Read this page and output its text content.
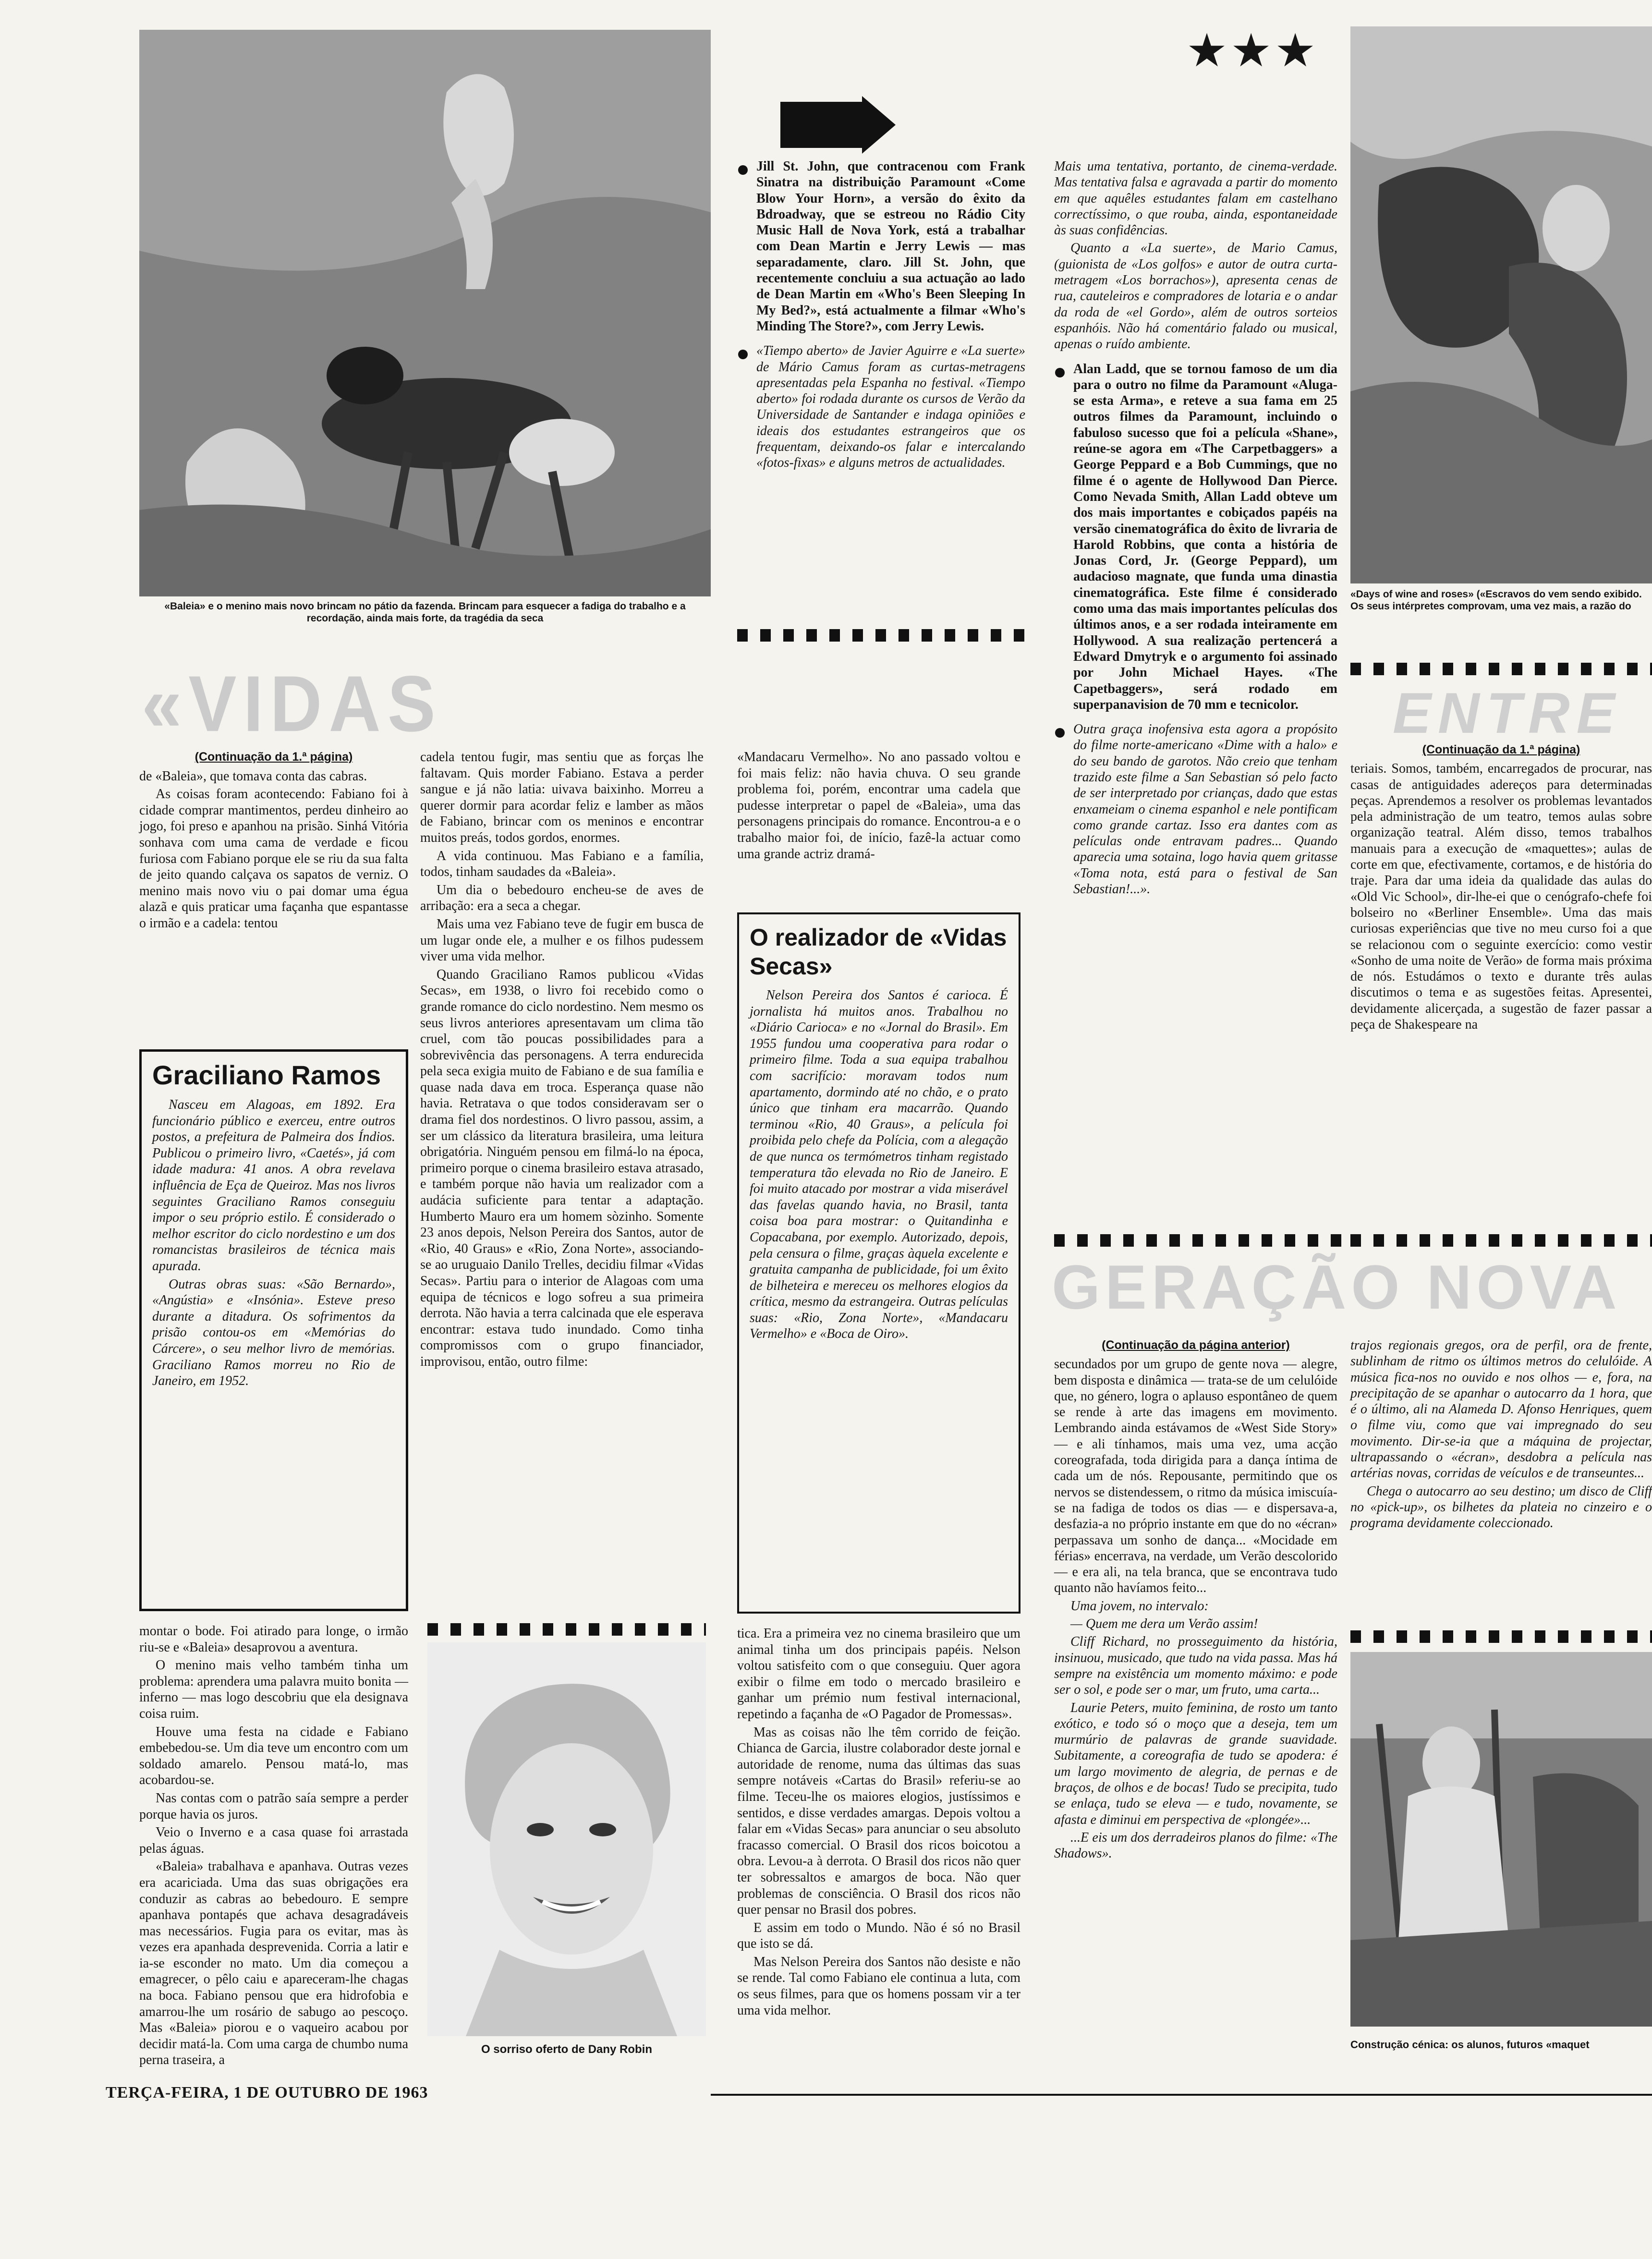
«Baleia» e o menino mais novo brincam no pátio da fazenda. Brincam para esquecer a fadiga do trabalho e a recordação, ainda mais forte, da tragédia da seca
«VIDAS
(Continuação da 1.ª página)

de «Baleia», que tomava conta das cabras.

As coisas foram acontecendo: Fabiano foi à cidade comprar mantimentos, perdeu dinheiro ao jogo, foi preso e apanhou na prisão. Sinhá Vitória sonhava com uma cama de verdade e ficou furiosa com Fabiano porque ele se riu da sua falta de jeito quando calçava os sapatos de verniz. O menino mais novo viu o pai domar uma égua alazã e quis praticar uma façanha que espantasse o irmão e a cadela: tentou

Graciliano Ramos

Nasceu em Alagoas, em 1892. Era funcionário público e exerceu, entre outros postos, a prefeitura de Palmeira dos Índios. Publicou o primeiro livro, «Caetés», já com idade madura: 41 anos. A obra revelava influência de Eça de Queiroz. Mas nos livros seguintes Graciliano Ramos conseguiu impor o seu próprio estilo. É considerado o melhor escritor do ciclo nordestino e um dos romancistas brasileiros de técnica mais apurada.

Outras obras suas: «São Bernardo», «Angústia» e «Insónia». Esteve preso durante a ditadura. Os sofrimentos da prisão contou-os em «Memórias do Cárcere», o seu melhor livro de memórias. Graciliano Ramos morreu no Rio de Janeiro, em 1952.

montar o bode. Foi atirado para longe, o irmão riu-se e «Baleia» desaprovou a aventura.

O menino mais velho também tinha um problema: aprendera uma palavra muito bonita — inferno — mas logo descobriu que ela designava coisa ruim.

Houve uma festa na cidade e Fabiano embebedou-se. Um dia teve um encontro com um soldado amarelo. Pensou matá-lo, mas acobardou-se.

Nas contas com o patrão saía sempre a perder porque havia os juros.

Veio o Inverno e a casa quase foi arrastada pelas águas.

«Baleia» trabalhava e apanhava. Outras vezes era acariciada. Uma das suas obrigações era conduzir as cabras ao bebedouro. E sempre apanhava pontapés que achava desagradáveis mas necessários. Fugia para os evitar, mas às vezes era apanhada desprevenida. Corria a latir e ia-se esconder no mato. Um dia começou a emagrecer, o pêlo caiu e apareceram-lhe chagas na boca. Fabiano pensou que era hidrofobia e amarrou-lhe um rosário de sabugo ao pescoço. Mas «Baleia» piorou e o vaqueiro acabou por decidir matá-la. Com uma carga de chumbo numa perna traseira, a

cadela tentou fugir, mas sentiu que as forças lhe faltavam. Quis morder Fabiano. Estava a perder sangue e já não latia: uivava baixinho. Morreu a querer dormir para acordar feliz e lamber as mãos de Fabiano, brincar com os meninos e encontrar muitos preás, todos gordos, enormes.

A vida continuou. Mas Fabiano e a família, todos, tinham saudades da «Baleia».

Um dia o bebedouro encheu-se de aves de arribação: era a seca a chegar.

Mais uma vez Fabiano teve de fugir em busca de um lugar onde ele, a mulher e os filhos pudessem viver uma vida melhor.

Quando Graciliano Ramos publicou «Vidas Secas», em 1938, o livro foi recebido como o grande romance do ciclo nordestino. Nem mesmo os seus livros anteriores apresentavam um clima tão cruel, com tão poucas possibilidades para a sobrevivência das personagens. A terra endurecida pela seca exigia muito de Fabiano e de sua família e quase nada dava em troca. Esperança quase não havia. Retratava o que todos consideravam ser o drama fiel dos nordestinos. O livro passou, assim, a ser um clássico da literatura brasileira, uma leitura obrigatória. Ninguém pensou em filmá-lo na época, primeiro porque o cinema brasileiro estava atrasado, e também porque não havia um realizador com a audácia suficiente para tentar a adaptação. Humberto Mauro era um homem sòzinho. Somente 23 anos depois, Nelson Pereira dos Santos, autor de «Rio, 40 Graus» e «Rio, Zona Norte», associando-se ao uruguaio Danilo Trelles, decidiu filmar «Vidas Secas». Partiu para o interior de Alagoas com uma equipa de técnicos e logo sofreu a sua primeira derrota. Não havia a terra calcinada que ele esperava encontrar: estava tudo inundado. Como tinha compromissos com o grupo financiador, improvisou, então, outro filme:

O sorriso oferto de Dany Robin

«Mandacaru Vermelho». No ano passado voltou e foi mais feliz: não havia chuva. O seu grande problema foi, porém, encontrar uma cadela que pudesse interpretar o papel de «Baleia», uma das personagens principais do romance. Encontrou-a e o trabalho maior foi, de início, fazê-la actuar como uma grande actriz dramá-

O realizador de «Vidas Secas»

Nelson Pereira dos Santos é carioca. É jornalista há muitos anos. Trabalhou no «Diário Carioca» e no «Jornal do Brasil». Em 1955 fundou uma cooperativa para rodar o primeiro filme. Toda a sua equipa trabalhou com sacrifício: moravam todos num apartamento, dormindo até no chão, e o prato único que tinham era macarrão. Quando terminou «Rio, 40 Graus», a película foi proibida pelo chefe da Polícia, com a alegação de que nunca os termómetros tinham registado temperatura tão elevada no Rio de Janeiro. E foi muito atacado por mostrar a vida miserável das favelas quando havia, no Brasil, tanta coisa boa para mostrar: o Quitandinha e Copacabana, por exemplo. Autorizado, depois, pela censura o filme, graças àquela excelente e gratuita campanha de publicidade, foi um êxito de bilheteira e mereceu os melhores elogios da crítica, mesmo da estrangeira. Outras películas suas: «Rio, Zona Norte», «Mandacaru Vermelho» e «Boca de Oiro».

tica. Era a primeira vez no cinema brasileiro que um animal tinha um dos principais papéis. Nelson voltou satisfeito com o que conseguiu. Quer agora exibir o filme em todo o mercado brasileiro e ganhar um prémio num festival internacional, repetindo a façanha de «O Pagador de Promessas».

Mas as coisas não lhe têm corrido de feição. Chianca de Garcia, ilustre colaborador deste jornal e autoridade de renome, numa das últimas das suas sempre notáveis «Cartas do Brasil» referiu-se ao filme. Teceu-lhe os maiores elogios, justíssimos e sentidos, e disse verdades amargas. Depois voltou a falar em «Vidas Secas» para anunciar o seu absoluto fracasso comercial. O Brasil dos ricos boicotou a obra. Levou-a à derrota. O Brasil dos ricos não quer ter sobressaltos e amargos de boca. Não quer problemas de consciência. O Brasil dos ricos não quer pensar no Brasil dos pobres.

E assim em todo o Mundo. Não é só no Brasil que isto se dá.

Mas Nelson Pereira dos Santos não desiste e não se rende. Tal como Fabiano ele continua a luta, com os seus filmes, para que os homens possam vir a ter uma vida melhor.

Jill St. John, que contracenou com Frank Sinatra na distribuição Paramount «Come Blow Your Horn», a versão do êxito da Bdroadway, que se estreou no Rádio City Music Hall de Nova York, está a trabalhar com Dean Martin e Jerry Lewis — mas separadamente, claro. Jill St. John, que recentemente concluiu a sua actuação ao lado de Dean Martin em «Who's Been Sleeping In My Bed?», está actualmente a filmar «Who's Minding The Store?», com Jerry Lewis.
«Tiempo aberto» de Javier Aguirre e «La suerte» de Mário Camus foram as curtas-metragens apresentadas pela Espanha no festival. «Tiempo aberto» foi rodada durante os cursos de Verão da Universidade de Santander e indaga opiniões e ideais dos estudantes estrangeiros que os frequentam, deixando-os falar e intercalando «fotos-fixas» e alguns metros de actualidades.

Mais uma tentativa, portanto, de cinema-verdade. Mas tentativa falsa e agravada a partir do momento em que aquêles estudantes falam em castelhano correctíssimo, o que rouba, ainda, espontaneidade às suas confidências.

Quanto a «La suerte», de Mario Camus, (guionista de «Los golfos» e autor de outra curta-metragem «Los borrachos»), apresenta cenas de rua, cauteleiros e compradores de lotaria e o andar da roda de «el Gordo», além de outros sorteios espanhóis. Não há comentário falado ou musical, apenas o ruído ambiente.

Alan Ladd, que se tornou famoso de um dia para o outro no filme da Paramount «Aluga-se esta Arma», e reteve a sua fama em 25 outros filmes da Paramount, incluindo o fabuloso sucesso que foi a película «Shane», reúne-se agora em «The Carpetbaggers» a George Peppard e a Bob Cummings, que no filme é o agente de Hollywood Dan Pierce. Como Nevada Smith, Allan Ladd obteve um dos mais importantes e cobiçados papéis na versão cinematográfica do êxito de livraria de Harold Robbins, que conta a história de Jonas Cord, Jr. (George Peppard), um audacioso magnate, que funda uma dinastia cinematográfica. Este filme é considerado como uma das mais importantes películas dos últimos anos, e a ser rodada inteiramente em Hollywood. A sua realização pertencerá a Edward Dmytryk e o argumento foi assinado por John Michael Hayes. «The Capetbaggers», será rodado em superpanavision de 70 mm e tecnicolor.
Outra graça inofensiva esta agora a propósito do filme norte-americano «Dime with a halo» e do seu bando de garotos. Não creio que tenham trazido este filme a San Sebastian só pelo facto de ser interpretado por crianças, dado que estas enxameiam o cinema espanhol e nele pontificam como grande cartaz. Isso era dantes com as películas onde entravam padres... Quando aparecia uma sotaina, logo havia quem gritasse «Toma nota, está para o festival de San Sebastian!...».
★★★
«Days of wine and roses» («Escravos do vem sendo exibido. Os seus intérpretes comprovam, uma vez mais, a razão do
ENTRE
(Continuação da 1.ª página)

teriais. Somos, também, encarregados de procurar, nas casas de antiguidades adereços para determinadas peças. Aprendemos a resolver os problemas levantados pela administração de um teatro, temos aulas sobre organização teatral. Além disso, temos trabalhos manuais para a execução de «maquettes»; aulas de corte em que, efectivamente, cortamos, e de história do traje. Para dar uma ideia da qualidade das aulas do «Old Vic School», dir-lhe-ei que o cenógrafo-chefe foi bolseiro no «Berliner Ensemble». Uma das mais curiosas experiências que tive no meu curso foi a que se relacionou com o seguinte exercício: como vestir «Sonho de uma noite de Verão» de forma mais próxima de nós. Estudámos o texto e durante três aulas discutimos o tema e as sugestões feitas. Apresentei, devidamente alicerçada, a sugestão de fazer passar a peça de Shakespeare na

GERAÇÃO NOVA
(Continuação da página anterior)

secundados por um grupo de gente nova — alegre, bem disposta e dinâmica — trata-se de um celulóide que, no género, logra o aplauso espontâneo de quem se rende à arte das imagens em movimento. Lembrando ainda estávamos de «West Side Story» — e ali tínhamos, mais uma vez, uma acção coreografada, toda dirigida para a dança íntima de cada um de nós. Repousante, permitindo que os nervos se distendessem, o ritmo da música imiscuía-se na fadiga de todos os dias — e dispersava-a, desfazia-a no próprio instante em que do no «écran» perpassava um sonho de dança... «Mocidade em férias» encerrava, na verdade, um Verão descolorido — e era ali, na tela branca, que se encontrava tudo quanto não havíamos feito...

Uma jovem, no intervalo:

— Quem me dera um Verão assim!

Cliff Richard, no prosseguimento da história, insinuou, musicado, que tudo na vida passa. Mas há sempre na existência um momento máximo: e pode ser o sol, e pode ser o mar, um fruto, uma carta...

Laurie Peters, muito feminina, de rosto um tanto exótico, e todo só o moço que a deseja, tem um murmúrio de palavras de grande suavidade. Subitamente, a coreografia de tudo se apodera: é um largo movimento de alegria, de pernas e de braços, de olhos e de bocas! Tudo se precipita, tudo se enlaça, tudo se eleva — e tudo, novamente, se afasta e diminui em perspectiva de «plongée»...

...E eis um dos derradeiros planos do filme: «The Shadows».

trajos regionais gregos, ora de perfil, ora de frente, sublinham de ritmo os últimos metros do celulóide. A música fica-nos no ouvido e nos olhos — e, fora, na precipitação de se apanhar o autocarro da 1 hora, que é o último, ali na Alameda D. Afonso Henriques, quem o filme viu, como que vai impregnado do seu movimento. Dir-se-ia que a máquina de projectar, ultrapassando o «écran», desdobra a película nas artérias novas, corridas de veículos e de transeuntes...

Chega o autocarro ao seu destino; um disco de Cliff no «pick-up», os bilhetes da plateia no cinzeiro e o programa devidamente coleccionado.

Construção cénica: os alunos, futuros «maquet
TERÇA-FEIRA, 1 DE OUTUBRO DE 1963
